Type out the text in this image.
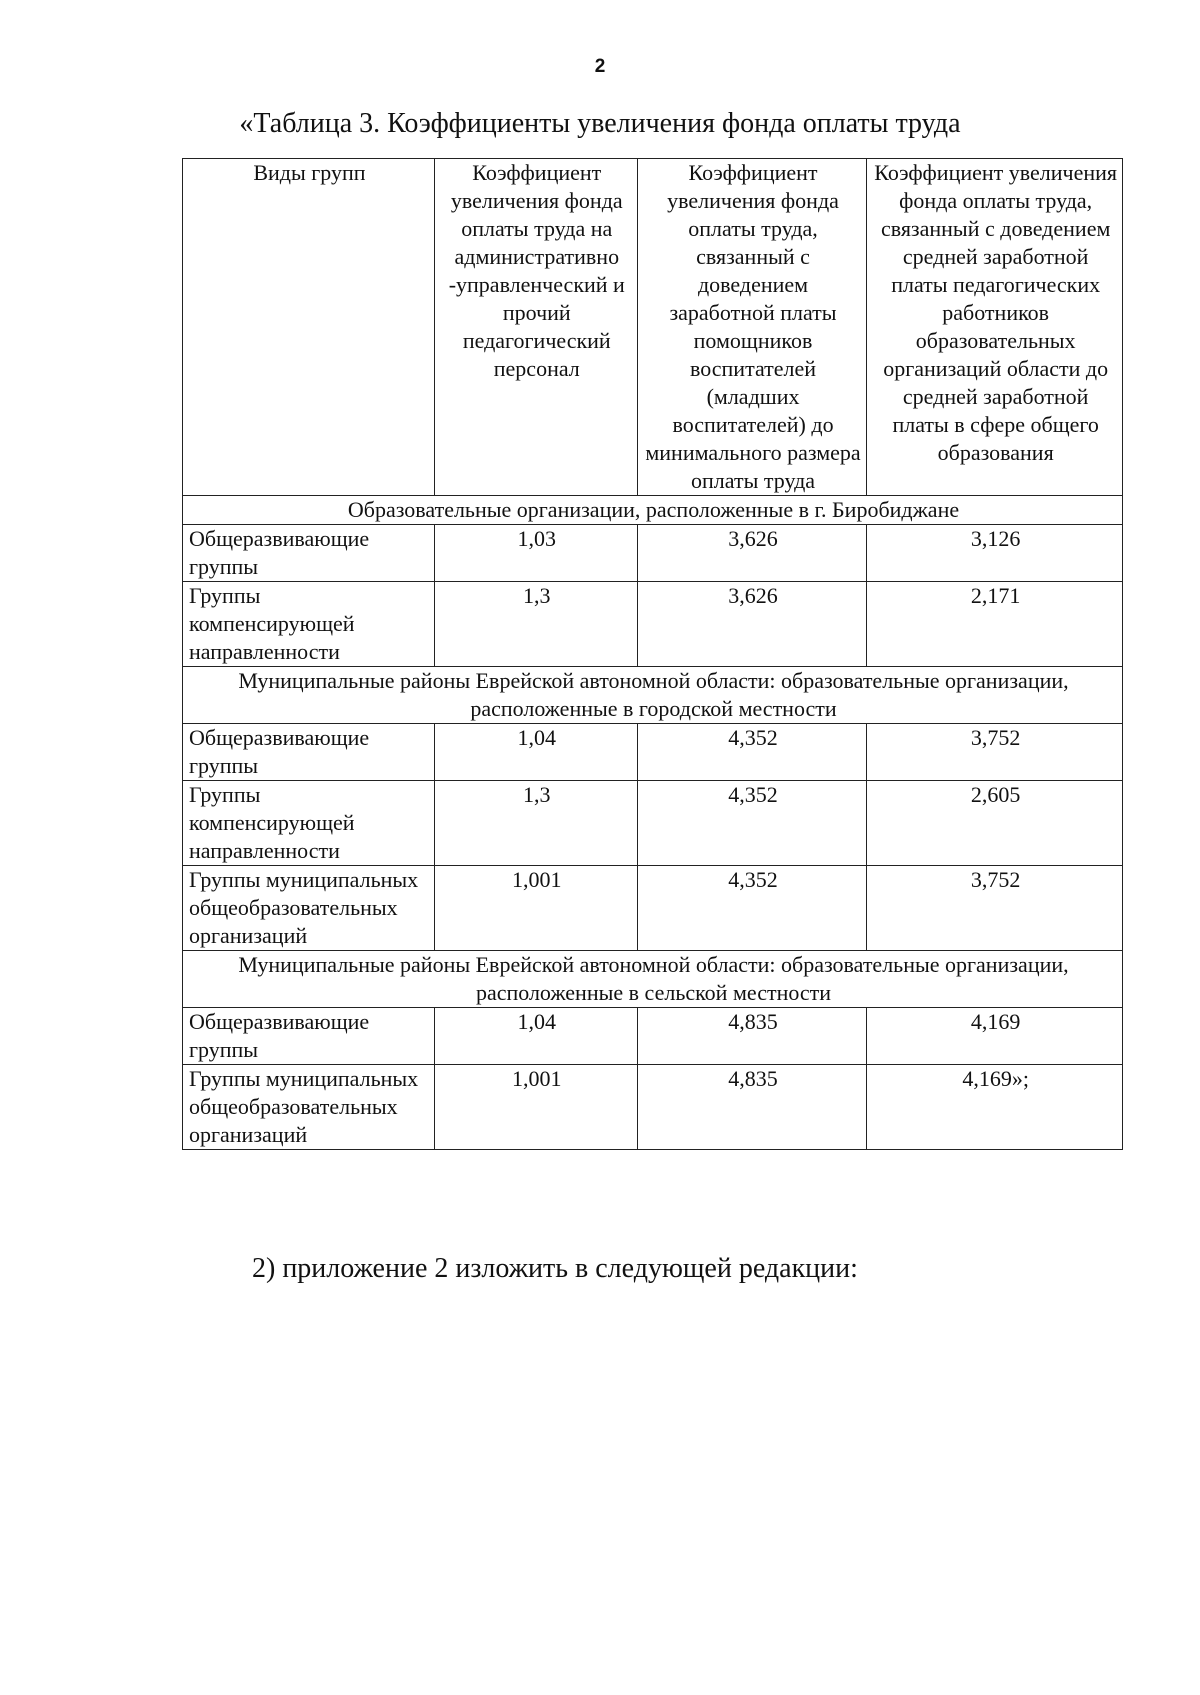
2
«Таблица 3. Коэффициенты увеличения фонда оплаты труда
Виды групп	Коэффициент увеличения фонда оплаты труда на административно -управленческий и прочий педагогический персонал	Коэффициент увеличения фонда оплаты труда, связанный с доведением заработной платы помощников воспитателей (младших воспитателей) до минимального размера оплаты труда	Коэффициент увеличения фонда оплаты труда, связанный с доведением средней заработной платы педагогических работников образовательных организаций области до средней заработной платы в сфере общего образования
Образовательные организации, расположенные в г. Биробиджане			
Общеразвивающие группы	1,03	3,626	3,126
Группы компенсирующей направленности	1,3	3,626	2,171
Муниципальные районы Еврейской автономной области: образовательные организации, расположенные в городской местности			
Общеразвивающие группы	1,04	4,352	3,752
Группы компенсирующей направленности	1,3	4,352	2,605
Группы муниципальных общеобразовательных организаций	1,001	4,352	3,752
Муниципальные районы Еврейской автономной области: образовательные организации, расположенные в сельской местности			
Общеразвивающие группы	1,04	4,835	4,169
Группы муниципальных общеобразовательных организаций	1,001	4,835	4,169»;
2) приложение 2 изложить в следующей редакции:
